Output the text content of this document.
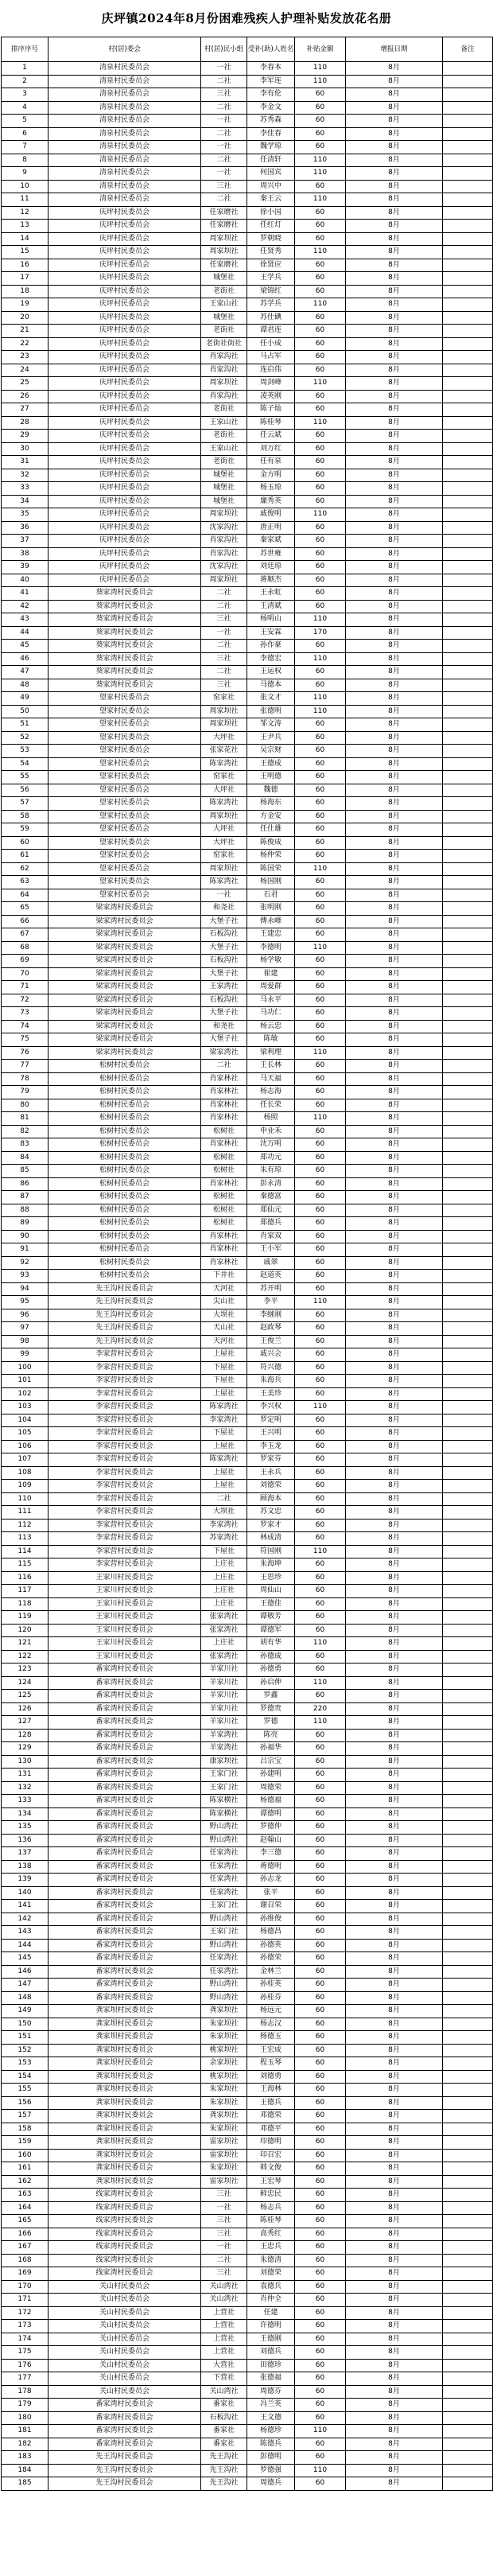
庆坪镇2024年8月份困难残疾人护理补贴发放花名册
排序序号	村(居)委会	村(居)民小组	受补(助)人姓名	补贴金额	增报日期	备注
1	清泉村民委员会	一社	李春本	110	8月	
2	清泉村民委员会	二社	李军连	110	8月	
3	清泉村民委员会	三社	李有伦	60	8月	
4	清泉村民委员会	二社	李金文	60	8月	
5	清泉村民委员会	一社	苏秀森	60	8月	
6	清泉村民委员会	二社	李佳春	60	8月	
7	清泉村民委员会	一社	魏学琼	60	8月	
8	清泉村民委员会	二社	任清轩	110	8月	
9	清泉村民委员会	一社	何国宾	110	8月	
10	清泉村民委员会	三社	周兴中	60	8月	
11	清泉村民委员会	二社	秦王云	110	8月	
12	庆坪村民委员会	任家磨社	徐小国	60	8月	
13	庆坪村民委员会	任家磨社	任红灯	60	8月	
14	庆坪村民委员会	周家坝社	罗朝晓	60	8月	
15	庆坪村民委员会	周家坝社	任贤秀	110	8月	
16	庆坪村民委员会	任家磨社	徐贤应	60	8月	
17	庆坪村民委员会	城堡社	王学兵	60	8月	
18	庆坪村民委员会	老街社	梁锦红	60	8月	
19	庆坪村民委员会	王家山社	苏学兵	110	8月	
20	庆坪村民委员会	城堡社	苏仕碘	60	8月	
21	庆坪村民委员会	老街社	谭君连	60	8月	
22	庆坪村民委员会	老街社街社	任小成	60	8月	
23	庆坪村民委员会	肖家沟社	马占军	60	8月	
24	庆坪村民委员会	肖家沟社	连启伟	60	8月	
25	庆坪村民委员会	周家坝社	周剑峰	110	8月	
26	庆坪村民委员会	肖家沟社	凌英刚	60	8月	
27	庆坪村民委员会	老街社	陈子灿	60	8月	
28	庆坪村民委员会	王家山社	陈桂琴	110	8月	
29	庆坪村民委员会	老街社	任云斌	60	8月	
30	庆坪村民委员会	王家山社	刘万红	60	8月	
31	庆坪村民委员会	老街社	任有泉	60	8月	
32	庆坪村民委员会	城堡社	金方明	60	8月	
33	庆坪村民委员会	城堡社	杨玉琼	60	8月	
34	庆坪村民委员会	城堡社	廉秀英	60	8月	
35	庆坪村民委员会	周家坝社	戚俊明	110	8月	
36	庆坪村民委员会	沈家沟社	唐正明	60	8月	
37	庆坪村民委员会	肖家沟社	秦家斌	60	8月	
38	庆坪村民委员会	肖家沟社	苏世雍	60	8月	
39	庆坪村民委员会	沈家沟社	刘廷琼	60	8月	
40	庆坪村民委员会	周家坝社	蒋顺杰	60	8月	
41	葵家湾村民委员会	二社	王永虹	60	8月	
42	葵家湾村民委员会	二社	王清斌	60	8月	
43	葵家湾村民委员会	三社	杨明山	110	8月	
44	葵家湾村民委员会	一社	王安霖	170	8月	
45	葵家湾村民委员会	二社	孙作豪	60	8月	
46	葵家湾村民委员会	三社	李德宏	110	8月	
47	葵家湾村民委员会	二社	王运权	60	8月	
48	葵家湾村民委员会	三社	马德本	60	8月	
49	望家村民委员会	窑家社	张文才	110	8月	
50	望家村民委员会	周家坝社	张德明	110	8月	
51	望家村民委员会	周家坝社	邹文涛	60	8月	
52	望家村民委员会	大坪社	王尹兵	60	8月	
53	望家村民委员会	张家花社	吴宗财	60	8月	
54	望家村民委员会	陈家湾社	王德成	60	8月	
55	望家村民委员会	窑家社	王明德	60	8月	
56	望家村民委员会	大坪社	魏德	60	8月	
57	望家村民委员会	陈家湾社	杨海东	60	8月	
58	望家村民委员会	周家坝社	方金安	60	8月	
59	望家村民委员会	大坪社	任仕雄	60	8月	
60	望家村民委员会	大坪社	陈俊成	60	8月	
61	望家村民委员会	窑家社	杨仲荣	60	8月	
62	望家村民委员会	周家坝社	陈国荣	110	8月	
63	望家村民委员会	陈家湾社	杨国刚	60	8月	
64	望家村民委员会	一社	石君	60	8月	
65	梁家湾村民委员会	和尧社	张明刚	60	8月	
66	梁家湾村民委员会	大堡子社	傅永峰	60	8月	
67	梁家湾村民委员会	石板沟社	王建忠	60	8月	
68	梁家湾村民委员会	大堡子社	李德明	110	8月	
69	梁家湾村民委员会	石板沟社	杨学敏	60	8月	
70	梁家湾村民委员会	大堡子社	崔建	60	8月	
71	梁家湾村民委员会	王家湾社	周爱群	60	8月	
72	梁家湾村民委员会	石板沟社	马永平	60	8月	
73	梁家湾村民委员会	大堡子社	马功仁	60	8月	
74	梁家湾村民委员会	和尧社	杨云忠	60	8月	
75	梁家湾村民委员会	大堡子社	陈敏	60	8月	
76	梁家湾村民委员会	梁家湾社	梁利理	110	8月	
77	松树村民委员会	二社	王长林	60	8月	
78	松树村民委员会	肖家林社	马天福	60	8月	
79	松树村民委员会	肖家林社	杨志海	60	8月	
80	松树村民委员会	肖家林社	任长荣	60	8月	
81	松树村民委员会	肖家林社	杨照	110	8月	
82	松树村民委员会	松树社	申业禾	60	8月	
83	松树村民委员会	肖家林社	沈万明	60	8月	
84	松树村民委员会	松树社	郑功元	60	8月	
85	松树村民委员会	松树社	朱有琼	60	8月	
86	松树村民委员会	肖家林社	彭永清	60	8月	
87	松树村民委员会	松树社	秦德富	60	8月	
88	松树村民委员会	松树社	郑仙元	60	8月	
89	松树村民委员会	松树社	郑德兵	60	8月	
90	松树村民委员会	肖家林社	肖家双	60	8月	
91	松树村民委员会	肖家林社	王小军	60	8月	
92	松树村民委员会	肖家林社	戚翠	60	8月	
93	松树村民委员会	下井社	赵道英	60	8月	
94	先王沟村民委员会	天河社	苏开明	60	8月	
95	先王沟村民委员会	尖山社	李平	110	8月	
96	先王沟村民委员会	大坝社	李继刚	60	8月	
97	先王沟村民委员会	天山社	赵政琴	60	8月	
98	先王沟村民委员会	天河社	王俊兰	60	8月	
99	李家营村民委员会	上屋社	戚兴会	60	8月	
100	李家营村民委员会	下屋社	符兴德	60	8月	
101	李家营村民委员会	下屋社	朱海兵	60	8月	
102	李家营村民委员会	上屋社	王美珍	60	8月	
103	李家营村民委员会	陈家湾社	李兴权	110	8月	
104	李家营村民委员会	李家湾社	罗定明	60	8月	
105	李家营村民委员会	下屋社	王兴明	60	8月	
106	李家营村民委员会	上屋社	李玉龙	60	8月	
107	李家营村民委员会	陈家湾社	罗家芬	60	8月	
108	李家营村民委员会	上屋社	王永兵	60	8月	
109	李家营村民委员会	上屋社	刘德荣	60	8月	
110	李家营村民委员会	二社	顾海本	60	8月	
111	李家营村民委员会	大坝社	苏文忠	60	8月	
112	李家营村民委员会	李家湾社	罗家才	60	8月	
113	李家营村民委员会	苏家湾社	林成清	60	8月	
114	李家营村民委员会	下屋社	符国刚	110	8月	
115	李家营村民委员会	上庄社	朱海坤	60	8月	
116	王家川村民委员会	上庄社	王思珍	60	8月	
117	王家川村民委员会	上庄社	周仙山	60	8月	
118	王家川村民委员会	上庄社	王德佳	60	8月	
119	王家川村民委员会	张家湾社	谭敬芳	60	8月	
120	王家川村民委员会	张家湾社	谭德军	60	8月	
121	王家川村民委员会	上庄社	胡有华	110	8月	
122	王家川村民委员会	张家湾社	孙德成	60	8月	
123	番家湾村民委员会	羊家川社	孙德勇	60	8月	
124	番家湾村民委员会	羊家川社	孙启伸	110	8月	
125	番家湾村民委员会	羊家川社	罗鑫	60	8月	
126	番家湾村民委员会	羊家川社	罗德贵	220	8月	
127	番家湾村民委员会	羊家川社	罗德	110	8月	
128	番家湾村民委员会	羊家湾社	陈亮	60	8月	
129	番家湾村民委员会	羊家湾社	孙福华	60	8月	
130	番家湾村民委员会	康家坝社	吕宗宝	60	8月	
131	番家湾村民委员会	王家门社	孙建明	60	8月	
132	番家湾村民委员会	王家门社	周德荣	60	8月	
133	番家湾村民委员会	陈家横社	杨德福	60	8月	
134	番家湾村民委员会	陈家横社	谭德明	60	8月	
135	番家湾村民委员会	野山湾社	罗德仲	60	8月	
136	番家湾村民委员会	野山湾社	赵翰山	60	8月	
137	番家湾村民委员会	任家湾社	李三德	60	8月	
138	番家湾村民委员会	任家湾社	蒋德明	60	8月	
139	番家湾村民委员会	任家湾社	孙志龙	60	8月	
140	番家湾村民委员会	任家湾社	张平	60	8月	
141	番家湾村民委员会	王家门社	谢召荣	60	8月	
142	番家湾村民委员会	野山湾社	孙维俊	60	8月	
143	番家湾村民委员会	王家门社	杨德昌	60	8月	
144	番家湾村民委员会	野山湾社	孙德英	60	8月	
145	番家湾村民委员会	任家湾社	孙德荣	60	8月	
146	番家湾村民委员会	任家湾社	金林兰	60	8月	
147	番家湾村民委员会	野山湾社	孙桂英	60	8月	
148	番家湾村民委员会	野山湾社	孙桂芬	60	8月	
149	龚家坝村民委员会	龚家坝社	杨远元	60	8月	
150	龚家坝村民委员会	朱家坝社	杨志汉	60	8月	
151	龚家坝村民委员会	朱家坝社	杨德玉	60	8月	
152	龚家坝村民委员会	桃家坝社	王宏成	60	8月	
153	龚家坝村民委员会	余家坝社	程玉琴	60	8月	
154	龚家坝村民委员会	桃家坝社	刘德勇	60	8月	
155	龚家坝村民委员会	朱家坝社	王海林	60	8月	
156	龚家坝村民委员会	朱家坝社	王德兵	60	8月	
157	龚家坝村民委员会	龚家坝社	邓德荣	60	8月	
158	龚家坝村民委员会	朱家坝社	邓德平	60	8月	
159	龚家坝村民委员会	雷家坝社	印德明	60	8月	
160	龚家坝村民委员会	雷家坝社	印召宏	60	8月	
161	龚家坝村民委员会	朱家坝社	韩文俊	60	8月	
162	龚家坝村民委员会	雷家坝社	王宏琴	60	8月	
163	线家湾村民委员会	三社	鲜忠民	60	8月	
164	线家湾村民委员会	一社	杨志兵	60	8月	
165	线家湾村民委员会	三社	陈桂琴	60	8月	
166	线家湾村民委员会	三社	高秀红	60	8月	
167	线家湾村民委员会	一社	王忠兵	60	8月	
168	线家湾村民委员会	二社	朱德清	60	8月	
169	线家湾村民委员会	三社	刘德荣	60	8月	
170	关山村民委员会	关山湾社	袁德兵	60	8月	
171	关山村民委员会	关山湾社	肖仲全	60	8月	
172	关山村民委员会	上营社	任建	60	8月	
173	关山村民委员会	上营社	许德明	60	8月	
174	关山村民委员会	上营社	王德刚	60	8月	
175	关山村民委员会	上营社	刘德兵	60	8月	
176	关山村民委员会	大营社	田德珍	60	8月	
177	关山村民委员会	下营社	张德福	60	8月	
178	关山村民委员会	关山湾社	周德芬	60	8月	
179	番家湾村民委员会	番家社	冯兰英	60	8月	
180	番家湾村民委员会	石板沟社	王文德	60	8月	
181	番家湾村民委员会	番家社	杨德珍	110	8月	
182	番家湾村民委员会	番家社	陈德兵	60	8月	
183	先王沟村民委员会	先王沟社	彭德明	60	8月	
184	先王沟村民委员会	先王沟社	罗德强	110	8月	
185	先王沟村民委员会	先王沟社	周德兵	60	8月	
